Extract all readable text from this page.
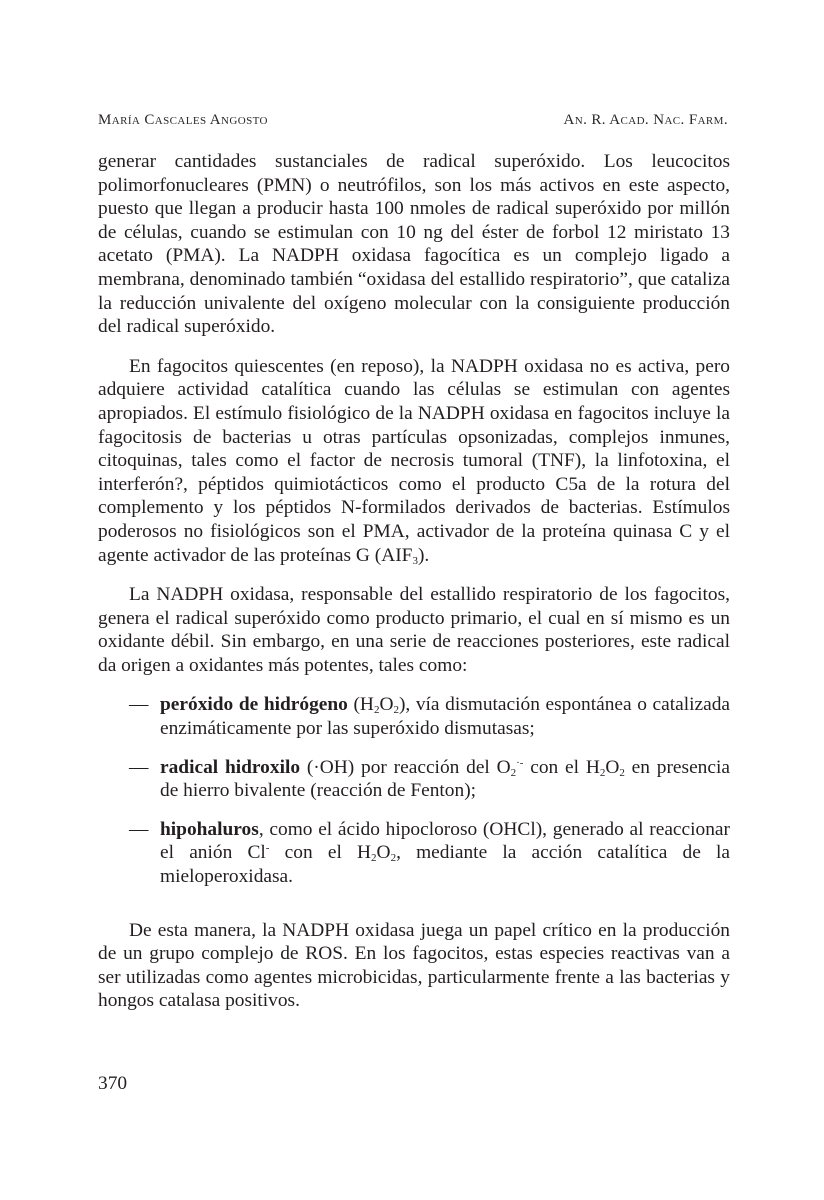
María Cascales Angosto	An. R. Acad. Nac. Farm.

generar cantidades sustanciales de radical superóxido. Los leucocitos polimorfonucleares (PMN) o neutrófilos, son los más activos en este aspecto, puesto que llegan a producir hasta 100 nmoles de radical superóxido por millón de células, cuando se estimulan con 10 ng del éster de forbol 12 miristato 13 acetato (PMA). La NADPH oxidasa fagocítica es un complejo ligado a membrana, denominado también “oxidasa del estallido respiratorio”, que cataliza la reducción univalente del oxígeno molecular con la consiguiente producción del radical superóxido.

En fagocitos quiescentes (en reposo), la NADPH oxidasa no es activa, pero adquiere actividad catalítica cuando las células se estimulan con agentes apropiados. El estímulo fisiológico de la NADPH oxidasa en fagocitos incluye la fagocitosis de bacterias u otras partículas opsonizadas, complejos inmunes, citoquinas, tales como el factor de necrosis tumoral (TNF), la linfotoxina, el interferón?, péptidos quimiotácticos como el producto C5a de la rotura del complemento y los péptidos N-formilados derivados de bacterias. Estímulos poderosos no fisiológicos son el PMA, activador de la proteína quinasa C y el agente activador de las proteínas G $(AIF_3)$.

La NADPH oxidasa, responsable del estallido respiratorio de los fagocitos, genera el radical superóxido como producto primario, el cual en sí mismo es un oxidante débil. Sin embargo, en una serie de reacciones posteriores, este radical da origen a oxidantes más potentes, tales como:

— peróxido de hidrógeno $(H_2O_2)$, vía dismutación espontánea o catalizada enzimáticamente por las superóxido dismutasas;
— radical hidroxilo (·OH) por reacción del $O_2^{\cdot-}$ con el $H_2O_2$ en presencia de hierro bivalente (reacción de Fenton);
— hipohaluros, como el ácido hipocloroso (OHCl), generado al reaccionar el anión Cl- con el $H_2O_2$, mediante la acción catalítica de la mieloperoxidasa.

De esta manera, la NADPH oxidasa juega un papel crítico en la producción de un grupo complejo de ROS. En los fagocitos, estas especies reactivas van a ser utilizadas como agentes microbicidas, particularmente frente a las bacterias y hongos catalasa positivos.

370
